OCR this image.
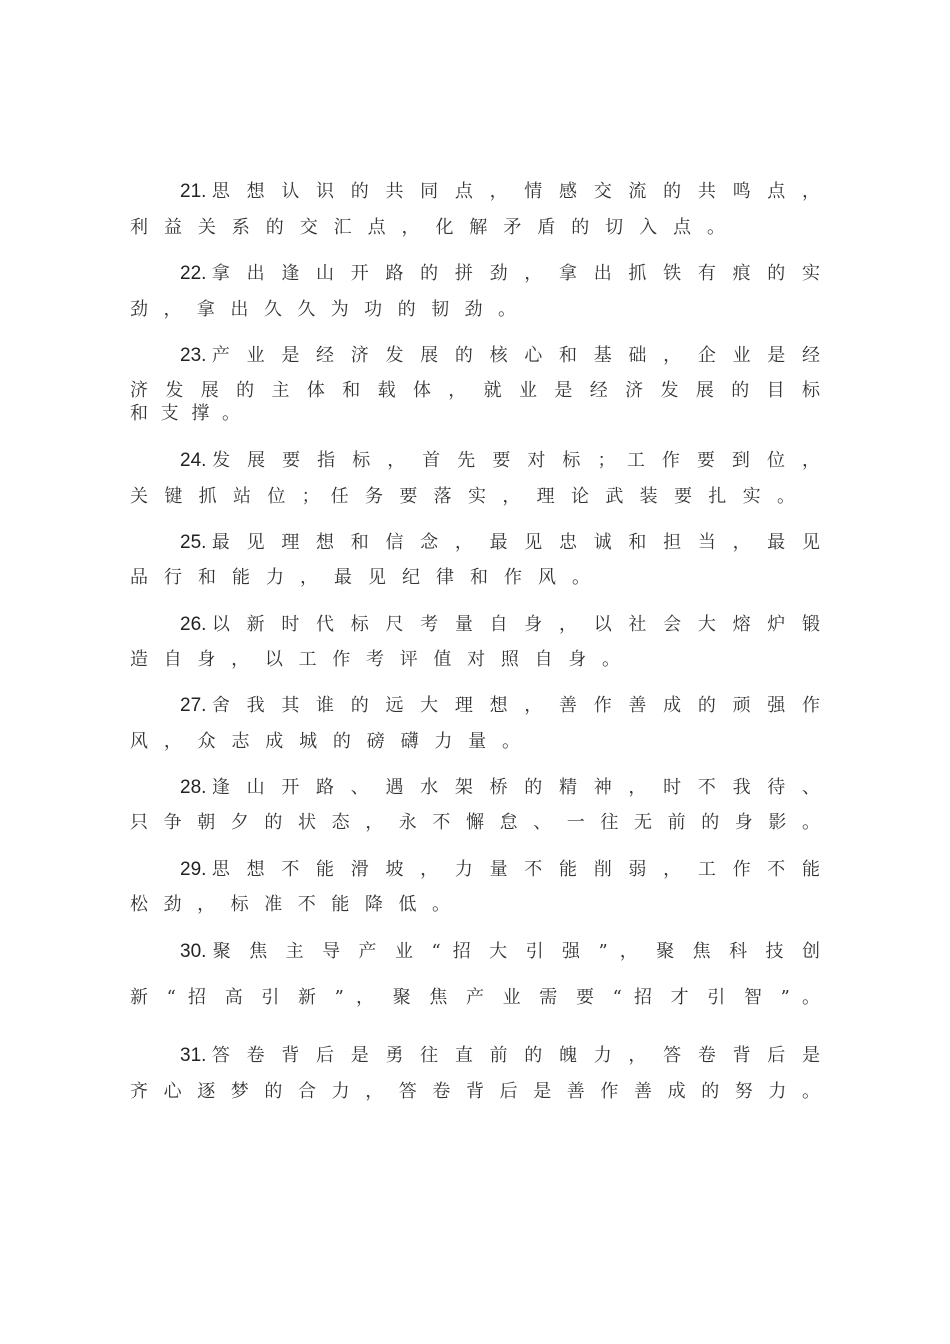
21.思 想 认 识 的 共 同 点 ， 情 感 交 流 的 共 鸣 点 ，
利 益 关 系 的 交 汇 点 ， 化 解 矛 盾 的 切 入 点 。
22.拿 出 逢 山 开 路 的 拼 劲 ， 拿 出 抓 铁 有 痕 的 实
劲 ， 拿 出 久 久 为 功 的 韧 劲 。
23.产 业 是 经 济 发 展 的 核 心 和 基 础 ， 企 业 是 经
济 发 展 的 主 体 和 载 体 ， 就 业 是 经 济 发 展 的 目 标
和 支 撑 。
24.发 展 要 指 标 ， 首 先 要 对 标 ； 工 作 要 到 位 ，
关 键 抓 站 位 ； 任 务 要 落 实 ， 理 论 武 装 要 扎 实 。
25.最 见 理 想 和 信 念 ， 最 见 忠 诚 和 担 当 ， 最 见
品 行 和 能 力 ， 最 见 纪 律 和 作 风 。
26.以 新 时 代 标 尺 考 量 自 身 ， 以 社 会 大 熔 炉 锻
造 自 身 ， 以 工 作 考 评 值 对 照 自 身 。
27.舍 我 其 谁 的 远 大 理 想 ， 善 作 善 成 的 顽 强 作
风 ， 众 志 成 城 的 磅 礴 力 量 。
28.逢 山 开 路 、 遇 水 架 桥 的 精 神 ， 时 不 我 待 、
只 争 朝 夕 的 状 态 ， 永 不 懈 怠 、 一 往 无 前 的 身 影 。
29.思 想 不 能 滑 坡 ， 力 量 不 能 削 弱 ， 工 作 不 能
松 劲 ， 标 准 不 能 降 低 。
30.聚 焦 主 导 产 业 “ 招 大 引 强 ” ， 聚 焦 科 技 创
新 “ 招 高 引 新 ” ， 聚 焦 产 业 需 要 “ 招 才 引 智 ” 。
31.答 卷 背 后 是 勇 往 直 前 的 魄 力 ， 答 卷 背 后 是
齐 心 逐 梦 的 合 力 ， 答 卷 背 后 是 善 作 善 成 的 努 力 。
